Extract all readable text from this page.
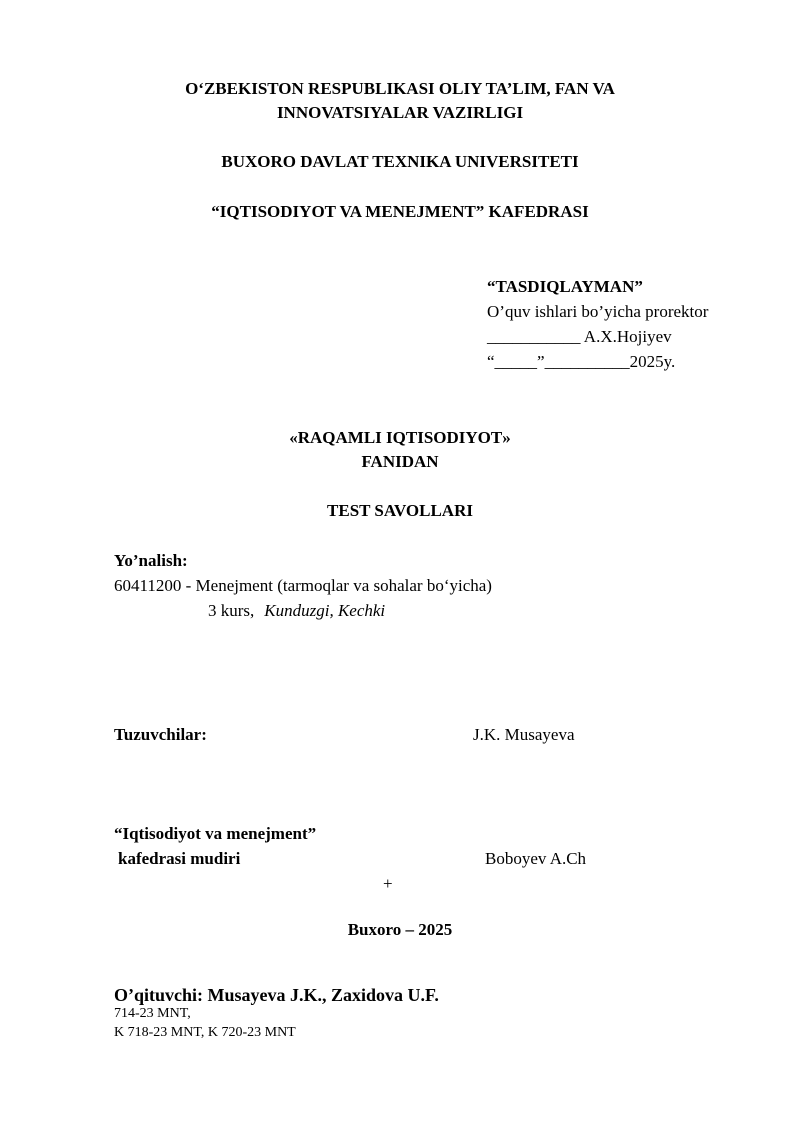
O‘ZBEKISTON RESPUBLIKASI OLIY TA’LIM, FAN VA
INNOVATSIYALAR VAZIRLIGI
BUXORO DAVLAT TEXNIKA UNIVERSITETI
“IQTISODIYOT VA MENEJMENT” KAFEDRASI
“TASDIQLAYMAN”
O’quv ishlari bo’yicha prorektor
___________ A.X.Hojiyev
“_____”__________2025y.
«RAQAMLI IQTISODIYOT»
FANIDAN
TEST SAVOLLARI
Yo’nalish:
60411200 - Menejment (tarmoqlar va sohalar bo‘yicha)
3 kurs, Kunduzgi, Kechki
Tuzuvchilar:	J.K. Musayeva
“Iqtisodiyot va menejment”
kafedrasi mudiri	Boboyev A.Ch
+
Buxoro – 2025
O’qituvchi: Musayeva J.K., Zaxidova U.F.
714-23 MNT,
K 718-23 MNT, K 720-23 MNT
